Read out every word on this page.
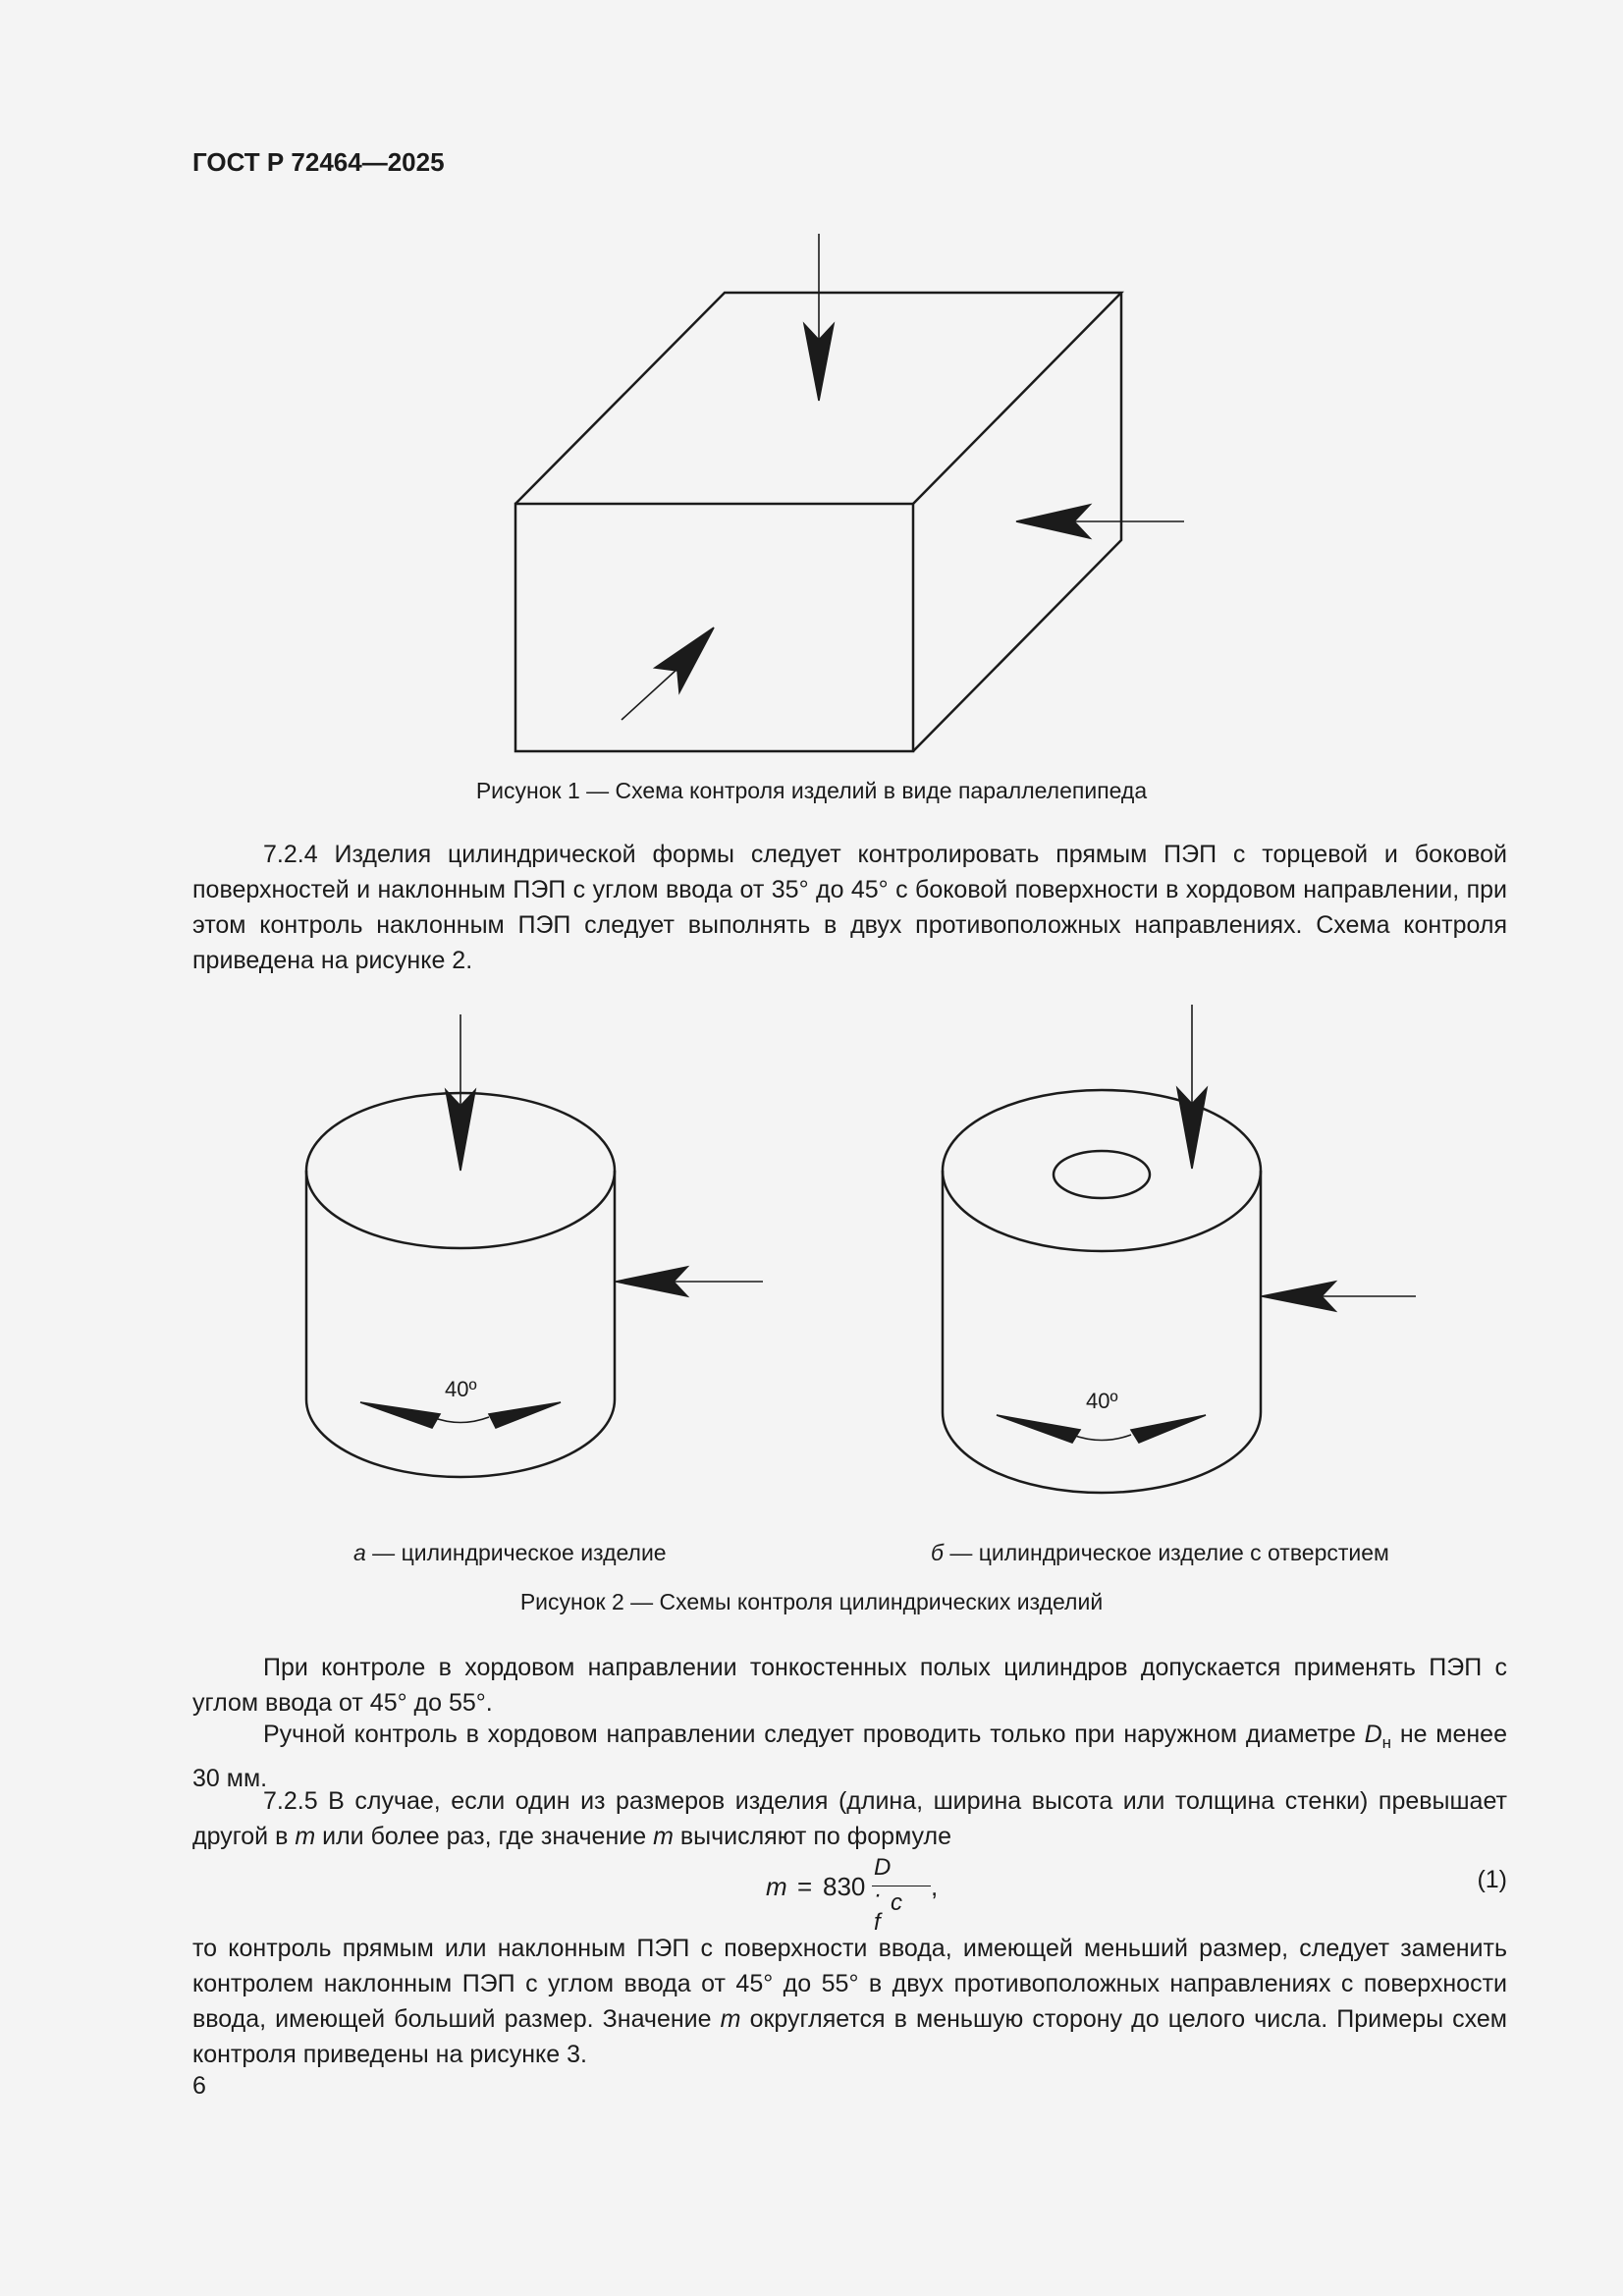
ГОСТ Р 72464—2025

Рисунок 1 — Схема контроля изделий в виде параллелепипеда

7.2.4 Изделия цилиндрической формы следует контролировать прямым ПЭП с торцевой и боковой поверхностей и наклонным ПЭП с углом ввода от 35° до 45° с боковой поверхности в хордовом направлении, при этом контроль наклонным ПЭП следует выполнять в двух противоположных направлениях. Схема контроля приведена на рисунке 2.

40º	40º

а — цилиндрическое изделие	б — цилиндрическое изделие с отверстием

Рисунок 2 — Схемы контроля цилиндрических изделий

При контроле в хордовом направлении тонкостенных полых цилиндров допускается применять ПЭП с углом ввода от 45° до 55°.

Ручной контроль в хордовом направлении следует проводить только при наружном диаметре $D_н$ не менее 30 мм.

7.2.5 В случае, если один из размеров изделия (длина, ширина высота или толщина стенки) превышает другой в m или более раз, где значение m вычисляют по формуле

m = 830
D · f
c
,	(1)

то контроль прямым или наклонным ПЭП с поверхности ввода, имеющей меньший размер, следует заменить контролем наклонным ПЭП с углом ввода от 45° до 55° в двух противоположных направлениях с поверхности ввода, имеющей больший размер. Значение m округляется в меньшую сторону до целого числа. Примеры схем контроля приведены на рисунке 3.

6
